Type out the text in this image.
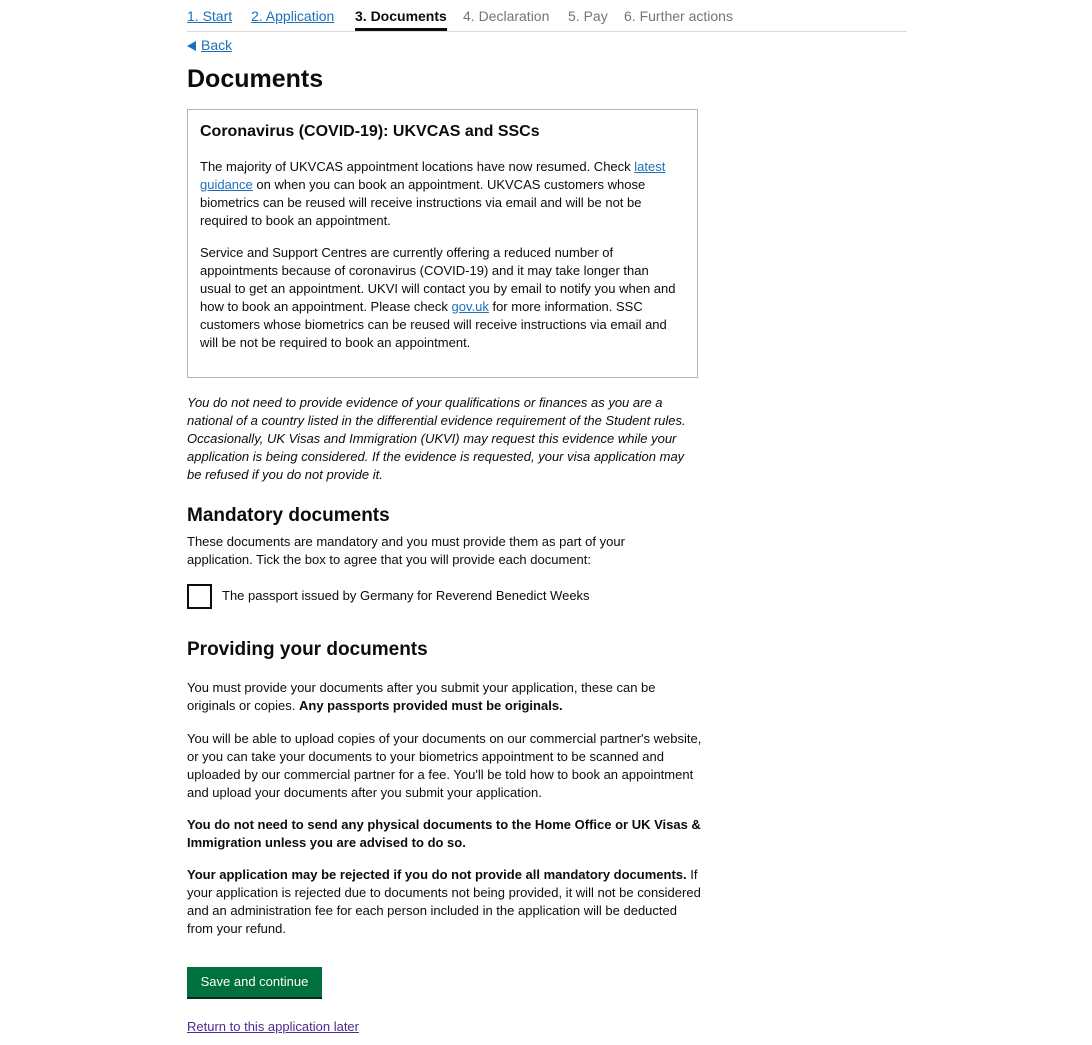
1. Start 2. Application 3. Documents 4. Declaration 5. Pay 6. Further actions
Back
Documents
Coronavirus (COVID-19): UKVCAS and SSCs

The majority of UKVCAS appointment locations have now resumed. Check latest guidance on when you can book an appointment. UKVCAS customers whose biometrics can be reused will receive instructions via email and will be not be required to book an appointment.

Service and Support Centres are currently offering a reduced number of appointments because of coronavirus (COVID-19) and it may take longer than usual to get an appointment. UKVI will contact you by email to notify you when and how to book an appointment. Please check gov.uk for more information. SSC customers whose biometrics can be reused will receive instructions via email and will be not be required to book an appointment.

You do not need to provide evidence of your qualifications or finances as you are a national of a country listed in the differential evidence requirement of the Student rules. Occasionally, UK Visas and Immigration (UKVI) may request this evidence while your application is being considered. If the evidence is requested, your visa application may be refused if you do not provide it.

Mandatory documents

These documents are mandatory and you must provide them as part of your application. Tick the box to agree that you will provide each document:

The passport issued by Germany for Reverend Benedict Weeks
Providing your documents

You must provide your documents after you submit your application, these can be originals or copies. Any passports provided must be originals.

You will be able to upload copies of your documents on our commercial partner's website, or you can take your documents to your biometrics appointment to be scanned and uploaded by our commercial partner for a fee. You'll be told how to book an appointment and upload your documents after you submit your application.

You do not need to send any physical documents to the Home Office or UK Visas & Immigration unless you are advised to do so.

Your application may be rejected if you do not provide all mandatory documents. If your application is rejected due to documents not being provided, it will not be considered and an administration fee for each person included in the application will be deducted from your refund.

Save and continue
Return to this application later
